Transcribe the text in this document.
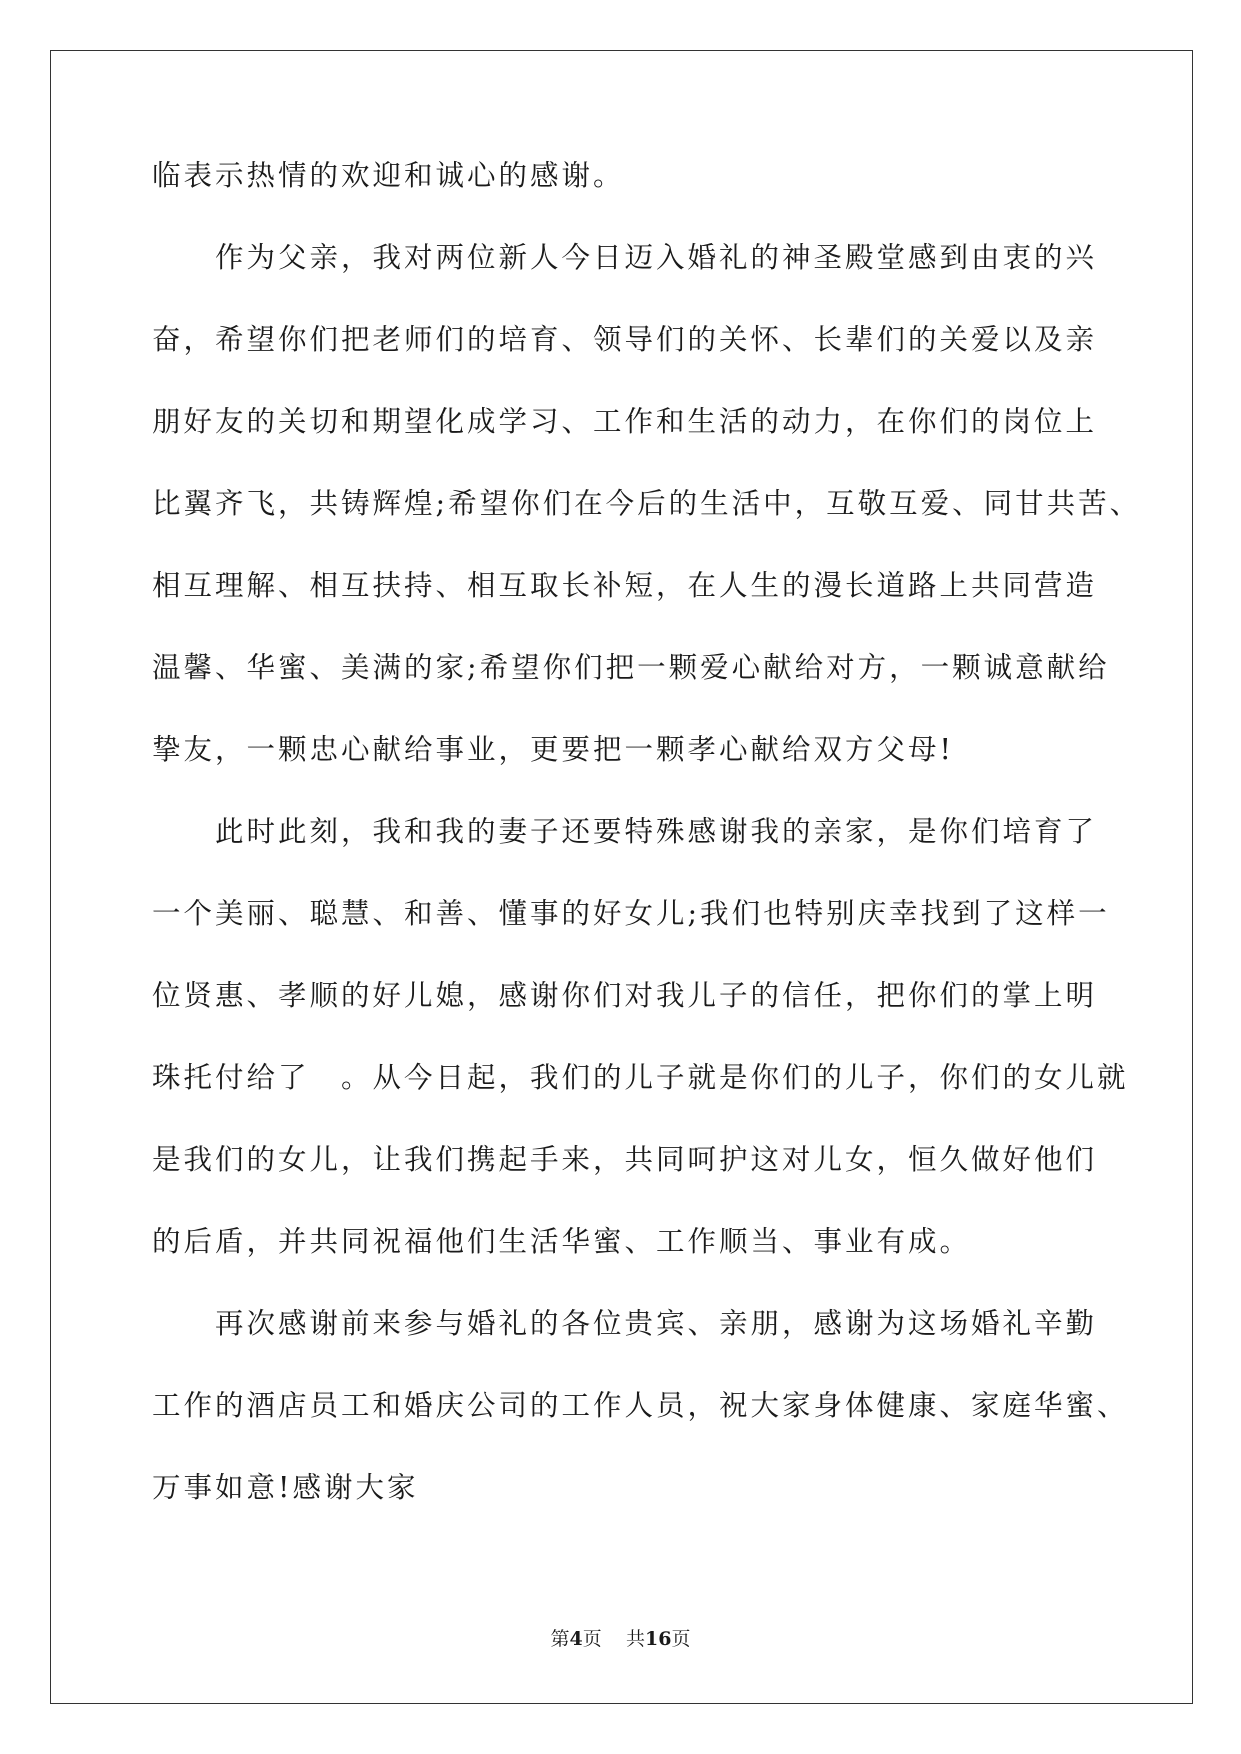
临表示热情的欢迎和诚心的感谢。
　　作为父亲，我对两位新人今日迈入婚礼的神圣殿堂感到由衷的兴
奋，希望你们把老师们的培育、领导们的关怀、长辈们的关爱以及亲
朋好友的关切和期望化成学习、工作和生活的动力，在你们的岗位上
比翼齐飞，共铸辉煌;希望你们在今后的生活中，互敬互爱、同甘共苦、
相互理解、相互扶持、相互取长补短，在人生的漫长道路上共同营造
温馨、华蜜、美满的家;希望你们把一颗爱心献给对方，一颗诚意献给
挚友，一颗忠心献给事业，更要把一颗孝心献给双方父母!
　　此时此刻，我和我的妻子还要特殊感谢我的亲家，是你们培育了
一个美丽、聪慧、和善、懂事的好女儿;我们也特别庆幸找到了这样一
位贤惠、孝顺的好儿媳，感谢你们对我儿子的信任，把你们的掌上明
珠托付给了　。从今日起，我们的儿子就是你们的儿子，你们的女儿就
是我们的女儿，让我们携起手来，共同呵护这对儿女，恒久做好他们
的后盾，并共同祝福他们生活华蜜、工作顺当、事业有成。
　　再次感谢前来参与婚礼的各位贵宾、亲朋，感谢为这场婚礼辛勤
工作的酒店员工和婚庆公司的工作人员，祝大家身体健康、家庭华蜜、
万事如意!感谢大家
第4页 共16页
